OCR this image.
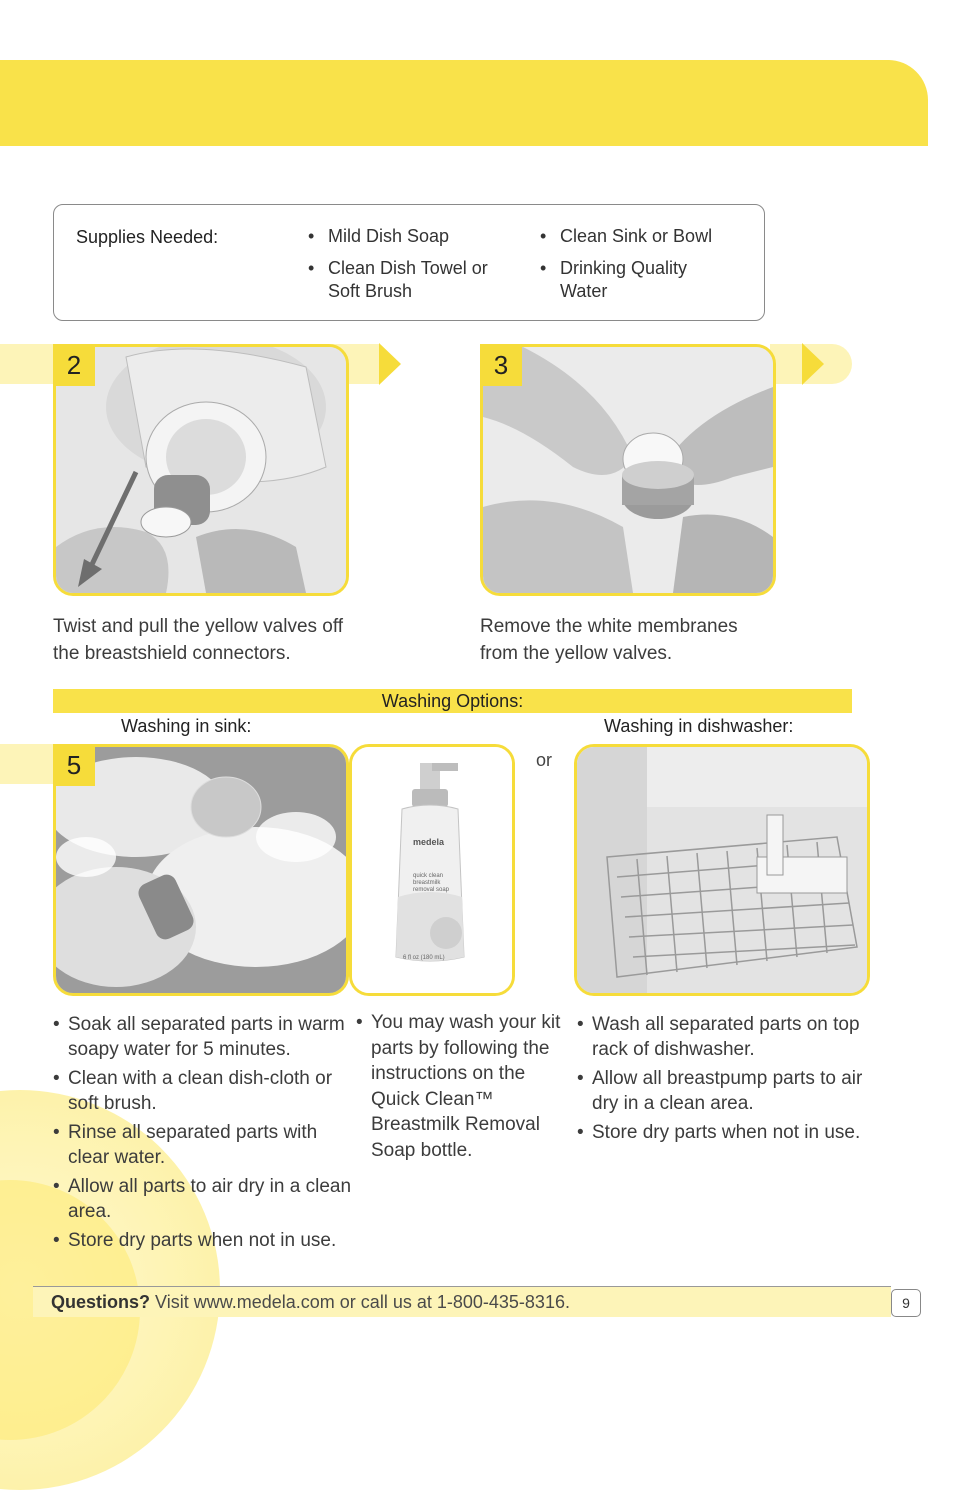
Supplies Needed:
•	Mild Dish Soap
• Clean Dish Towel or Soft Brush
• Clean Sink or Bowl
• Drinking Quality Water
2	3
Twist and pull the yellow valves off the breastshield connectors.
Remove the white membranes from the yellow valves.
Washing Options:
Washing in sink:	Washing in dishwasher:
5
medela
quick clean breastmilk removal soap
6 fl oz (180 mL)
or
• Soak all separated parts in warm soapy water for 5 minutes.
• Clean with a clean dish-cloth or soft brush.
• Rinse all separated parts with clear water.
• Allow all parts to air dry in a clean area.
• Store dry parts when not in use.
• You may wash your kit parts by following the instructions on the Quick Clean™ Breastmilk Removal Soap bottle.
• Wash all separated parts on top rack of dishwasher.
• Allow all breastpump parts to air dry in a clean area.
• Store dry parts when not in use.
Questions? Visit www.medela.com or call us at 1-800-435-8316.	9
